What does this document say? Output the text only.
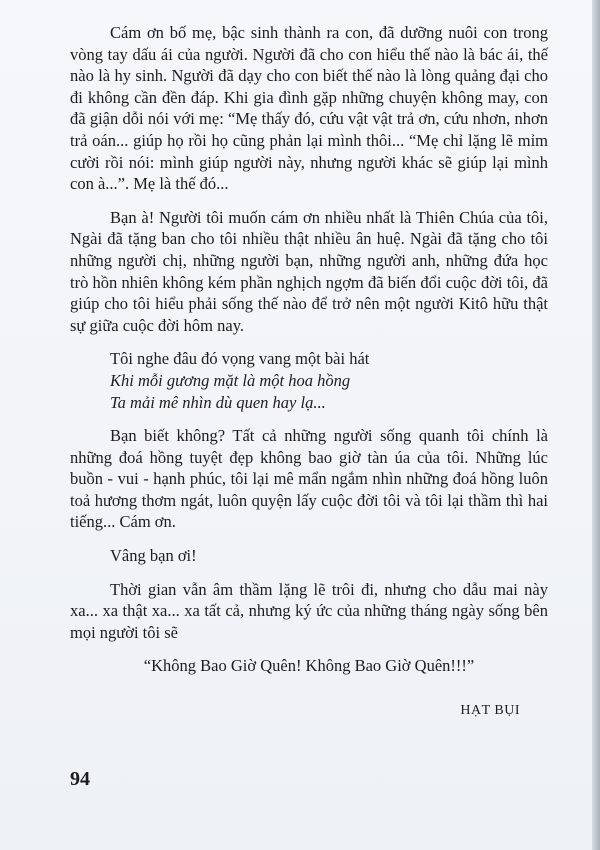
Cám ơn bố mẹ, bậc sinh thành ra con, đã dưỡng nuôi con trong vòng tay dấu ái của người. Người đã cho con hiểu thế nào là bác ái, thế nào là hy sinh. Người đã dạy cho con biết thế nào là lòng quảng đại cho đi không cần đền đáp. Khi gia đình gặp những chuyện không may, con đã giận dỗi nói với mẹ: “Mẹ thấy đó, cứu vật vật trả ơn, cứu nhơn, nhơn trả oán... giúp họ rồi họ cũng phản lại mình thôi... “Mẹ chỉ lặng lẽ mỉm cười rồi nói: mình giúp người này, nhưng người khác sẽ giúp lại mình con à...”. Mẹ là thế đó...

Bạn à! Người tôi muốn cám ơn nhiều nhất là Thiên Chúa của tôi, Ngài đã tặng ban cho tôi nhiều thật nhiều ân huệ. Ngài đã tặng cho tôi những người chị, những người bạn, những người anh, những đứa học trò hồn nhiên không kém phần nghịch ngợm đã biến đổi cuộc đời tôi, đã giúp cho tôi hiểu phải sống thế nào để trở nên một người Kitô hữu thật sự giữa cuộc đời hôm nay.

Tôi nghe đâu đó vọng vang một bài hát

Khi mỗi gương mặt là một hoa hồng

Ta mải mê nhìn dù quen hay lạ...

Bạn biết không? Tất cả những người sống quanh tôi chính là những đoá hồng tuyệt đẹp không bao giờ tàn úa của tôi. Những lúc buồn - vui - hạnh phúc, tôi lại mê mẩn ngắm nhìn những đoá hồng luôn toả hương thơm ngát, luôn quyện lấy cuộc đời tôi và tôi lại thầm thì hai tiếng... Cám ơn.

Vâng bạn ơi!

Thời gian vẫn âm thầm lặng lẽ trôi đi, nhưng cho dẫu mai này xa... xa thật xa... xa tất cả, nhưng ký ức của những tháng ngày sống bên mọi người tôi sẽ

“Không Bao Giờ Quên! Không Bao Giờ Quên!!!”

HẠT BỤI
94
